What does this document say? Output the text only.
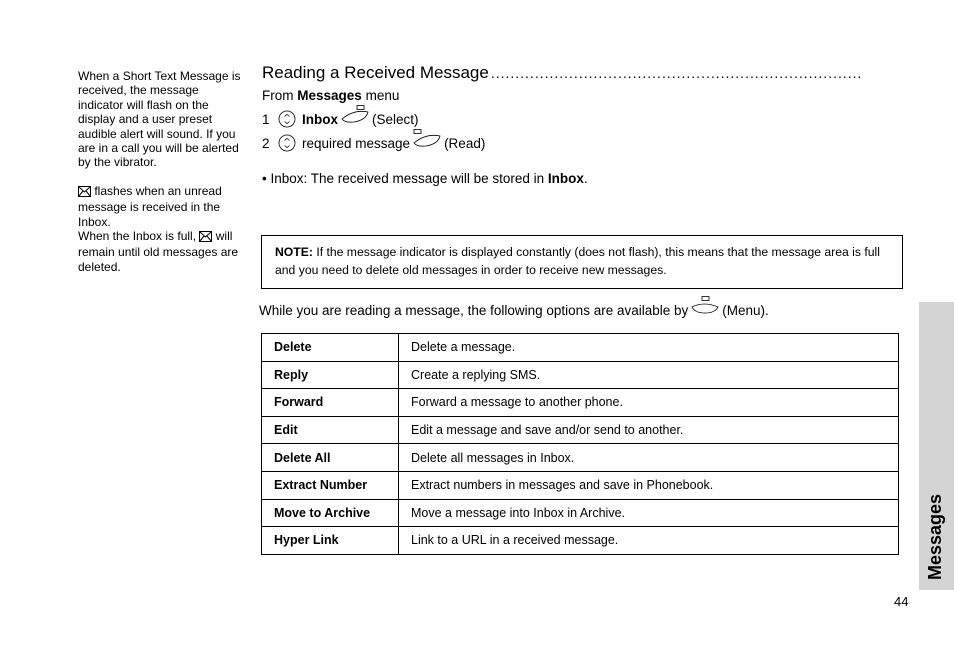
When a Short Text Message is received, the message indicator will flash on the display and a user preset audible alert will sound. If you are in a call you will be alerted by the vibrator.

flashes when an unread message is received in the Inbox.

When the Inbox is full, will remain until old messages are deleted.

Reading a Received Message ............................................................................
From
Messages
menu
1	Inbox	(Select)
2	required message	(Read)
• Inbox: The received message will be stored in
Inbox .
NOTE: If the message indicator is displayed constantly (does not flash), this means that the message area is full and you need to delete old messages in order to receive new messages.
While you are reading a message, the following options are available by	(Menu).
Delete	Delete a message.
Reply	Create a replying SMS.
Forward	Forward a message to another phone.
Edit	Edit a message and save and/or send to another.
Delete All	Delete all messages in Inbox.
Extract Number	Extract numbers in messages and save in Phonebook.
Move to Archive	Move a message into Inbox in Archive.
Hyper Link	Link to a URL in a received message.	Messages
44
